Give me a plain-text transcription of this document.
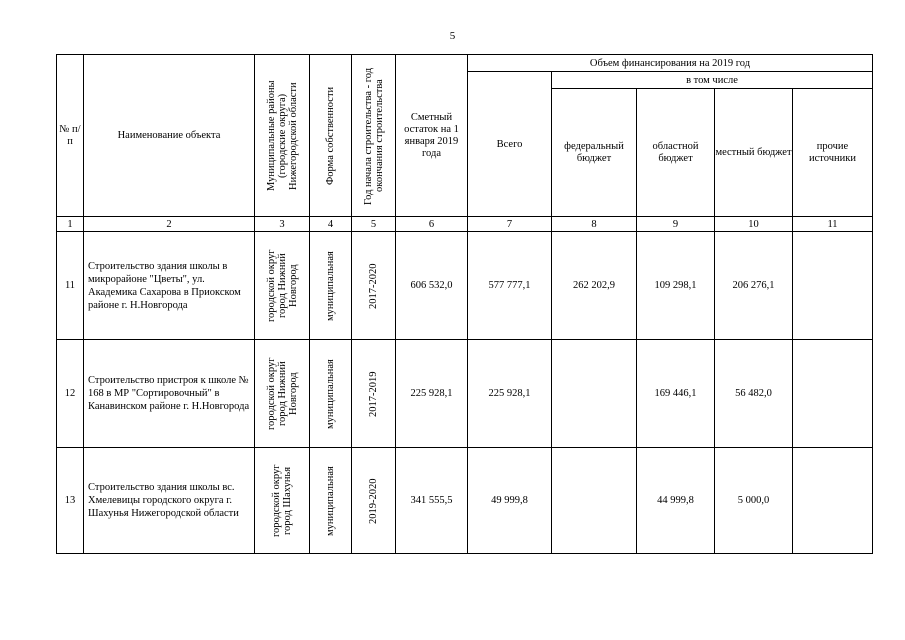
5
№ п/п	Наименование объекта	Муниципальные районы (городские округа) Нижегородской области	Форма собственности	Год начала строительства - год окончания строительства	Сметный остаток на 1 января 2019 года	Объем финансирования на 2019 год				
						Всего	в том числе			

							федеральный бюджет	областной бюджет	местный бюджет	прочие источники

1	2	3	4	5	6	7	8	9	10	11
11	Строительство здания школы в микрорайоне "Цветы", ул. Академика Сахарова в Приокском районе г. Н.Новгорода	городской округ город Нижний Новгород	муниципальная	2017-2020	606 532,0	577 777,1	262 202,9	109 298,1	206 276,1	
12	Строительство пристроя к школе № 168 в МР "Сортировочный" в Канавинском районе г. Н.Новгорода	городской округ город Нижний Новгород	муниципальная	2017-2019	225 928,1	225 928,1		169 446,1	56 482,0	
13	Строительство здания школы вс. Хмелевицы городского округа г. Шахунья Нижегородской области	городской округ город Шахунья	муниципальная	2019-2020	341 555,5	49 999,8		44 999,8	5 000,0	
